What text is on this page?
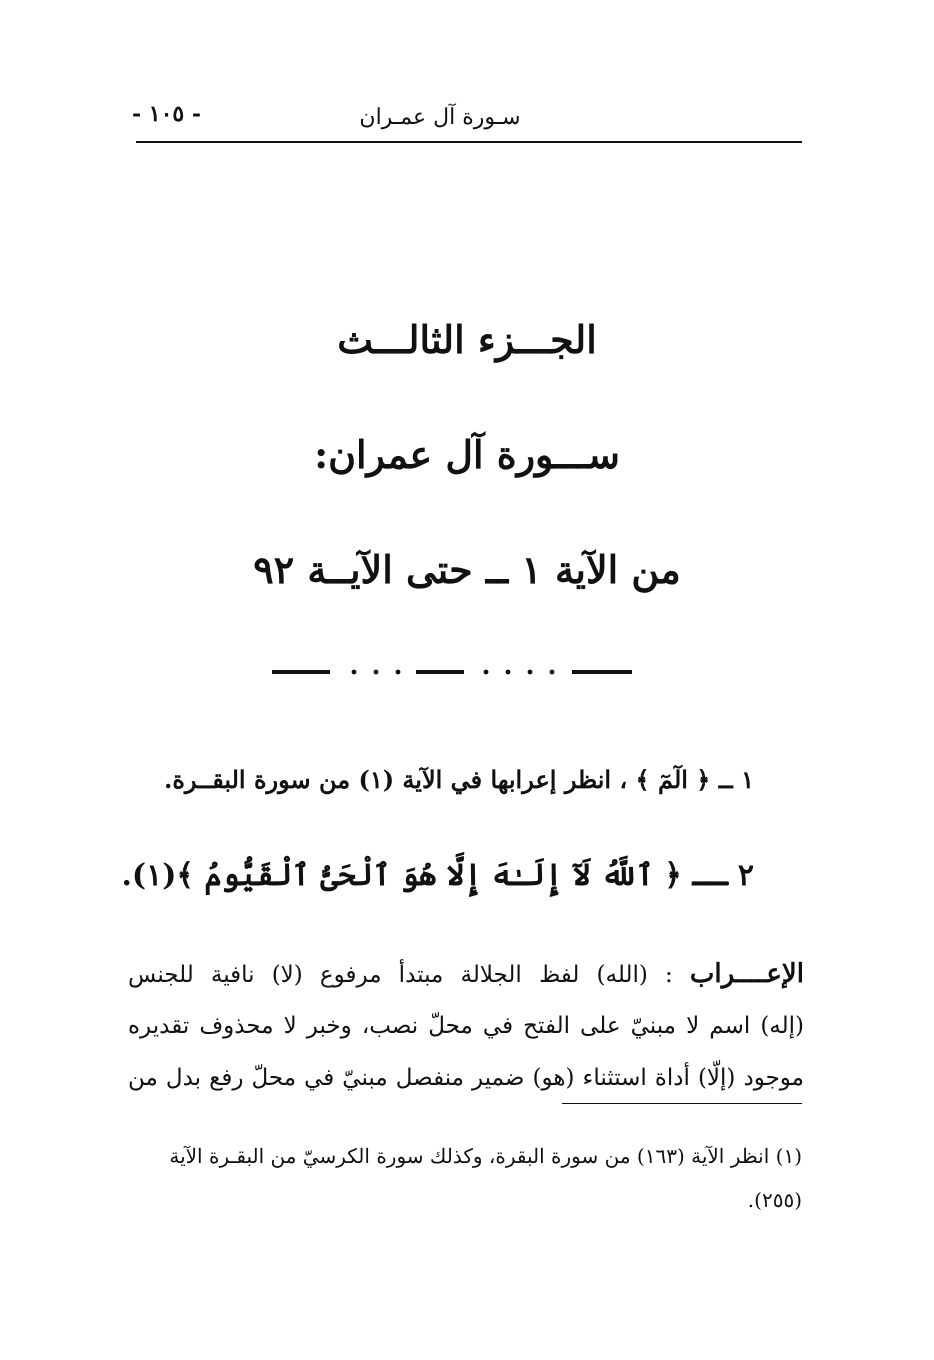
- ١٠٥ -	سـورة آل عمـران
الجـــزء الثالـــث
ســـورة آل عمران:
من الآية ١ ــ حتى الآيــة ٩٢
١ ــ ﴿ الٓمٓ ﴾ ، انظر إعرابها في الآية (١) من سورة البقــرة.
٢ ــ ﴿ ٱللَّهُ لَآ إِلَـٰهَ إِلَّا هُوَ ٱلْحَىُّ ٱلْقَيُّومُ ﴾(١).
الإعــــراب : (الله) لفظ الجلالة مبتدأ مرفوع (لا) نافية للجنس
(إله) اسم لا مبنيّ على الفتح في محلّ نصب، وخبر لا محذوف تقديره
موجود (إلّا) أداة استثناء (هو) ضمير منفصل مبنيّ في محلّ رفع بدل من
(١) انظر الآية (١٦٣) من سورة البقرة، وكذلك سورة الكرسيّ من البقـرة الآية
(٢٥٥).
